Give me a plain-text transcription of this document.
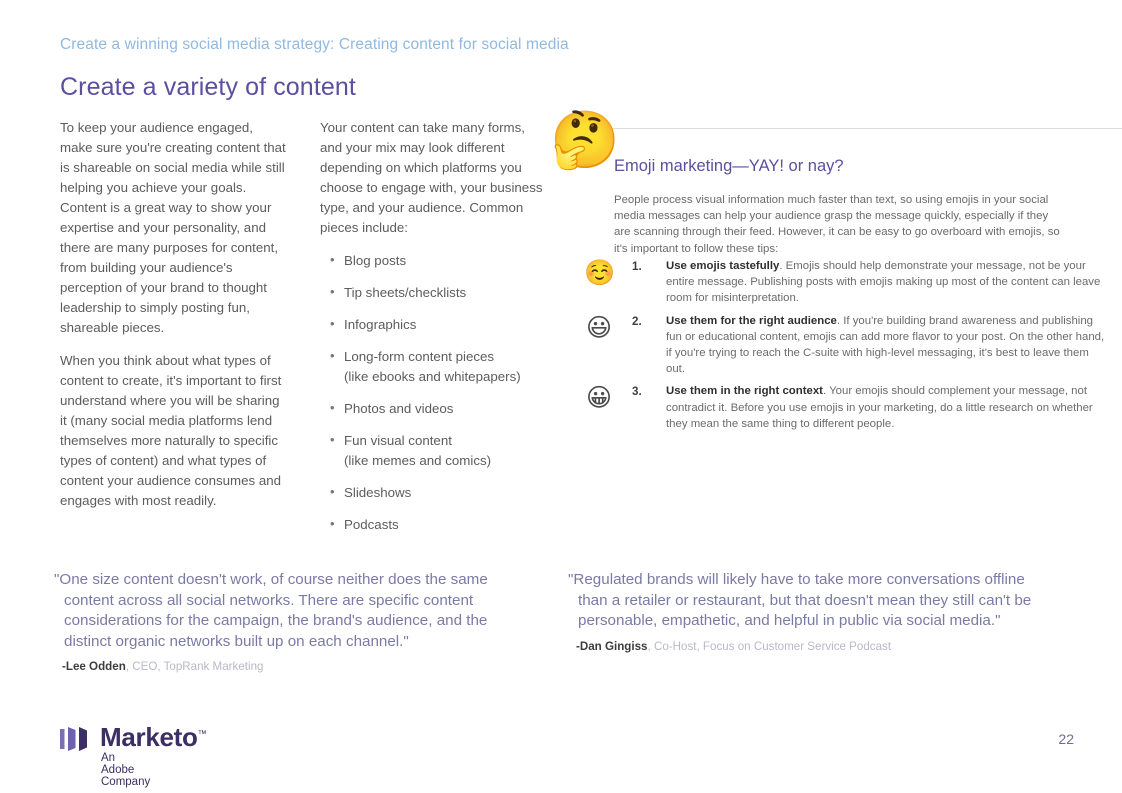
Create a winning social media strategy: Creating content for social media
Create a variety of content

To keep your audience engaged, make sure you're creating content that is shareable on social media while still helping you achieve your goals. Content is a great way to show your expertise and your personality, and there are many purposes for content, from building your audience's perception of your brand to thought leadership to simply posting fun, shareable pieces.

When you think about what types of content to create, it's important to first understand where you will be sharing it (many social media platforms lend themselves more naturally to specific types of content) and what types of content your audience consumes and engages with most readily.

Your content can take many forms, and your mix may look different depending on which platforms you choose to engage with, your business type, and your audience. Common pieces include:

• Blog posts
• Tip sheets/checklists
• Infographics
• Long-form content pieces
(like ebooks and whitepapers)
• Photos and videos
• Fun visual content
(like memes and comics)
• Slideshows
• Podcasts
🤔
Emoji marketing—YAY! or nay?
People process visual information much faster than text, so using emojis in your social media messages can help your audience grasp the message quickly, especially if they are scanning through their feed. However, it can be easy to go overboard with emojis, so it's important to follow these tips:
☺️ 1. Use emojis tastefully. Emojis should help demonstrate your message, not be your entire message. Publishing posts with emojis making up most of the content can leave room for misinterpretation.
😃 2. Use them for the right audience. If you're building brand awareness and publishing fun or educational content, emojis can add more flavor to your post. On the other hand, if you're trying to reach the C-suite with high-level messaging, it's best to leave them out.
😀 3. Use them in the right context. Your emojis should complement your message, not contradict it. Before you use emojis in your marketing, do a little research on whether they mean the same thing to different people.
"One size content doesn't work, of course neither does the same
content across all social networks. There are specific content
considerations for the campaign, the brand's audience, and the
distinct organic networks built up on each channel."
-Lee Odden, CEO, TopRank Marketing
"Regulated brands will likely have to take more conversations offline
than a retailer or restaurant, but that doesn't mean they still can't be
personable, empathetic, and helpful in public via social media."
-Dan Gingiss, Co-Host, Focus on Customer Service Podcast
Marketo™
An Adobe Company
22
